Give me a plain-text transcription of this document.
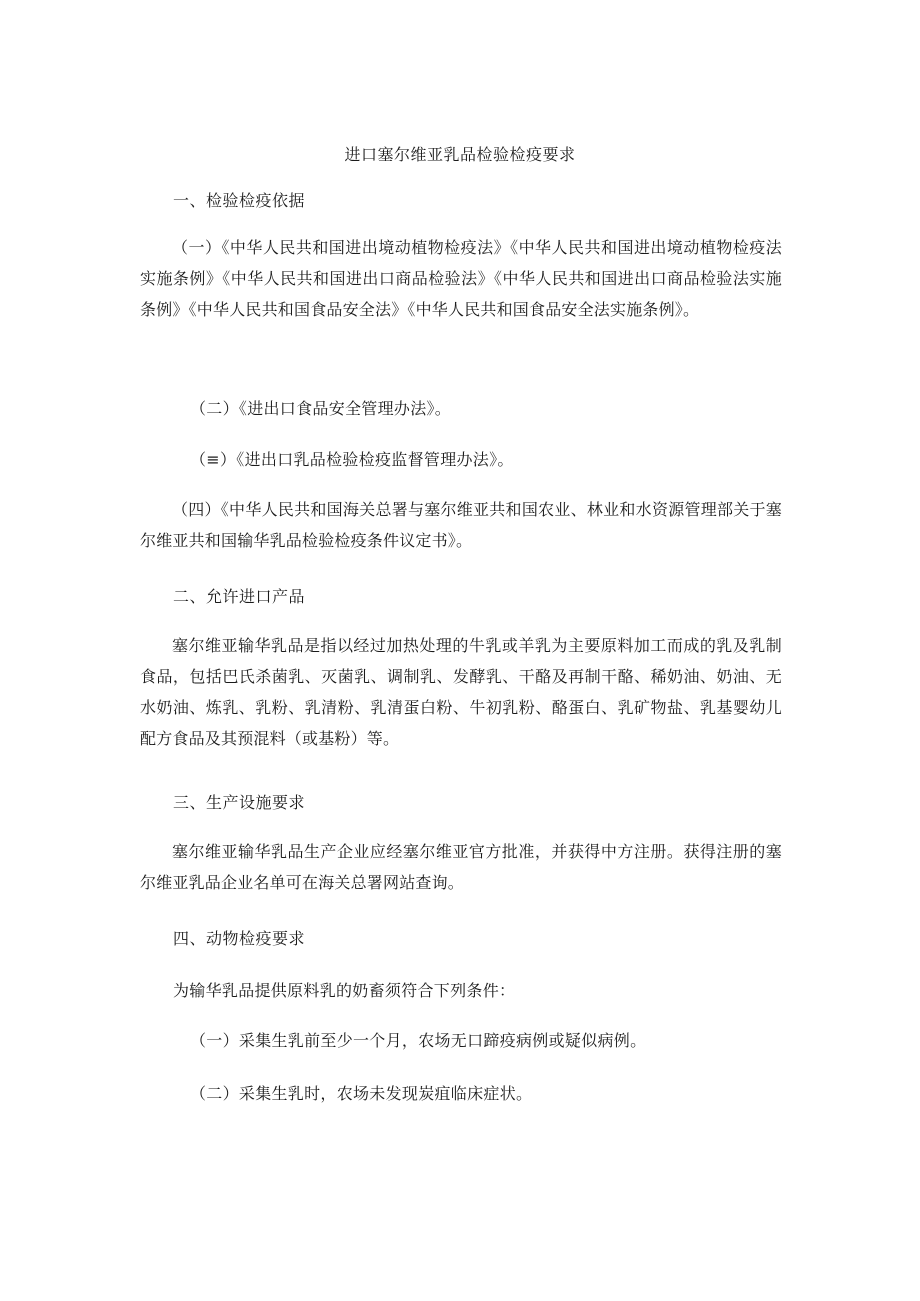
进口塞尔维亚乳品检验检疫要求
一、检验检疫依据
（一）《中华人民共和国进出境动植物检疫法》《中华人民共和国进出境动植物检疫法实施条例》《中华人民共和国进出口商品检验法》《中华人民共和国进出口商品检验法实施条例》《中华人民共和国食品安全法》《中华人民共和国食品安全法实施条例》。
（二）《进出口食品安全管理办法》。
（≡）《进出口乳品检验检疫监督管理办法》。
（四）《中华人民共和国海关总署与塞尔维亚共和国农业、林业和水资源管理部关于塞尔维亚共和国输华乳品检验检疫条件议定书》。
二、允许进口产品
塞尔维亚输华乳品是指以经过加热处理的牛乳或羊乳为主要原料加工而成的乳及乳制食品，包括巴氏杀菌乳、灭菌乳、调制乳、发酵乳、干酪及再制干酪、稀奶油、奶油、无水奶油、炼乳、乳粉、乳清粉、乳清蛋白粉、牛初乳粉、酪蛋白、乳矿物盐、乳基婴幼儿配方食品及其预混料（或基粉）等。
三、生产设施要求
塞尔维亚输华乳品生产企业应经塞尔维亚官方批准，并获得中方注册。获得注册的塞尔维亚乳品企业名单可在海关总署网站查询。
四、动物检疫要求
为输华乳品提供原料乳的奶畜须符合下列条件：
（一）采集生乳前至少一个月，农场无口蹄疫病例或疑似病例。
（二）采集生乳时，农场未发现炭疽临床症状。
